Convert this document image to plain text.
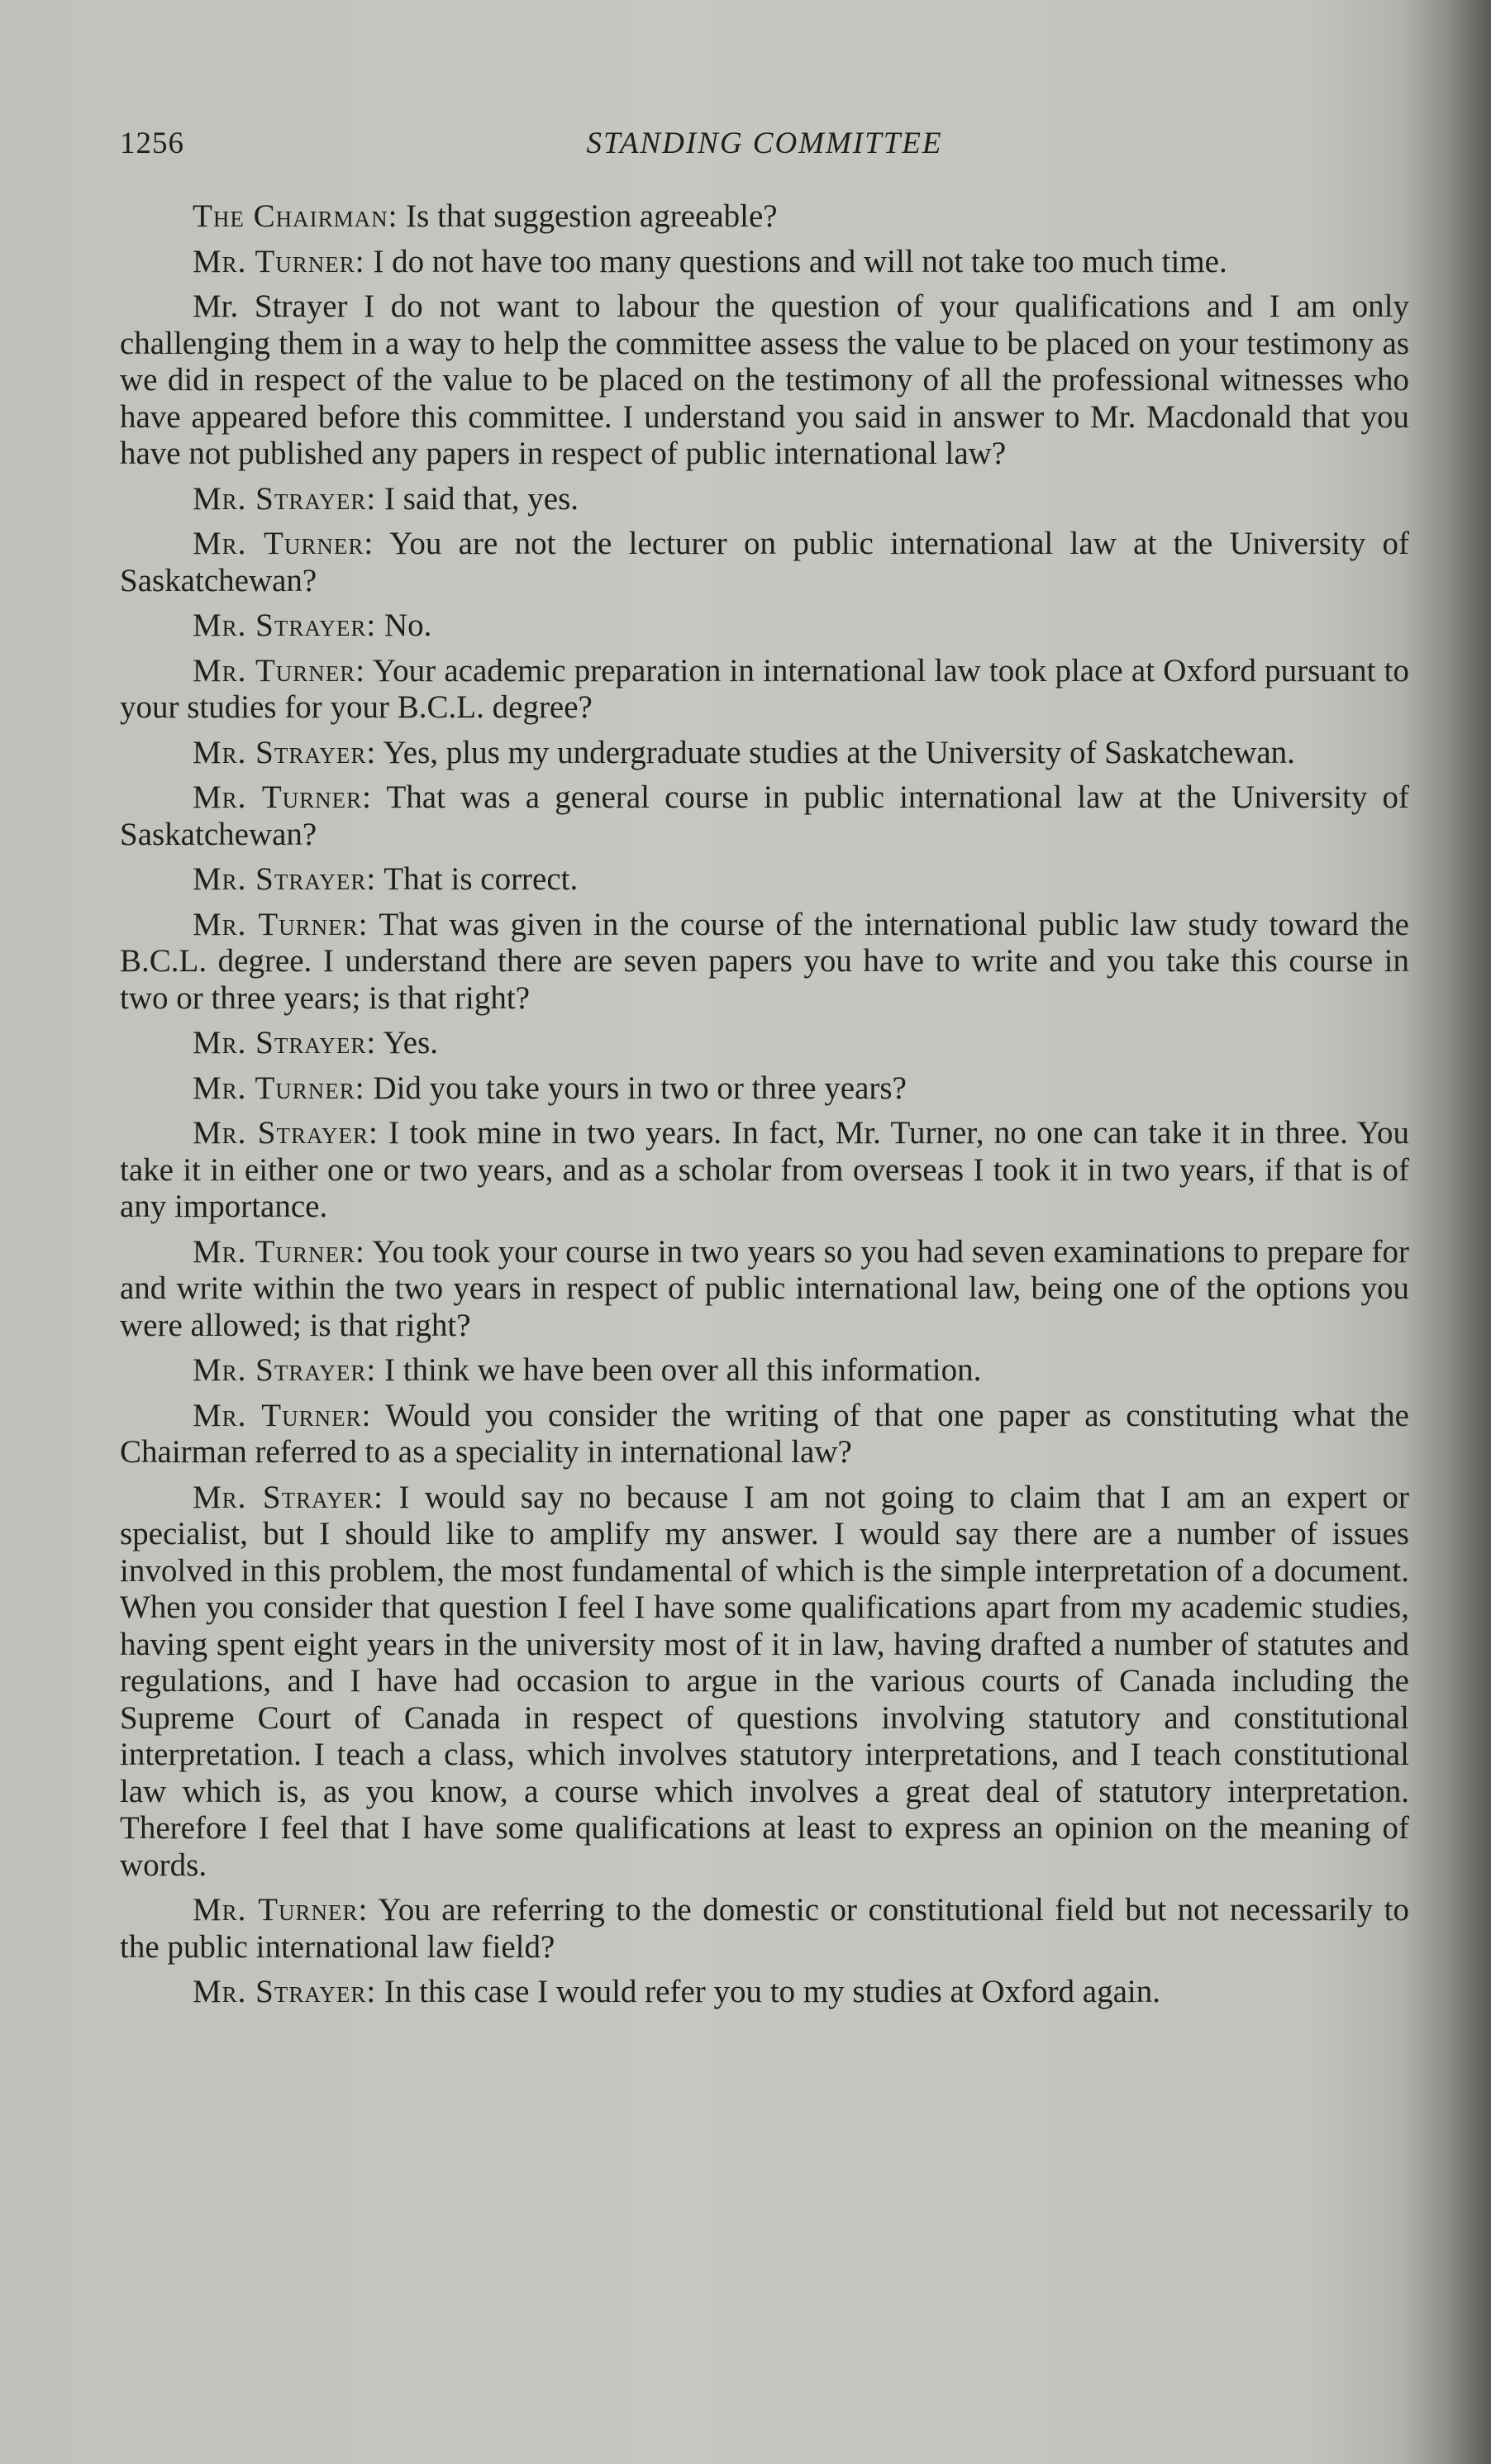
1256	STANDING COMMITTEE

The Chairman: Is that suggestion agreeable?

Mr. Turner: I do not have too many questions and will not take too much time.

Mr. Strayer I do not want to labour the question of your qualifications and I am only challenging them in a way to help the committee assess the value to be placed on your testimony as we did in respect of the value to be placed on the testimony of all the professional witnesses who have appeared before this committee. I understand you said in answer to Mr. Macdonald that you have not published any papers in respect of public international law?

Mr. Strayer: I said that, yes.

Mr. Turner: You are not the lecturer on public international law at the University of Saskatchewan?

Mr. Strayer: No.

Mr. Turner: Your academic preparation in international law took place at Oxford pursuant to your studies for your B.C.L. degree?

Mr. Strayer: Yes, plus my undergraduate studies at the University of Saskatchewan.

Mr. Turner: That was a general course in public international law at the University of Saskatchewan?

Mr. Strayer: That is correct.

Mr. Turner: That was given in the course of the international public law study toward the B.C.L. degree. I understand there are seven papers you have to write and you take this course in two or three years; is that right?

Mr. Strayer: Yes.

Mr. Turner: Did you take yours in two or three years?

Mr. Strayer: I took mine in two years. In fact, Mr. Turner, no one can take it in three. You take it in either one or two years, and as a scholar from overseas I took it in two years, if that is of any importance.

Mr. Turner: You took your course in two years so you had seven examinations to prepare for and write within the two years in respect of public international law, being one of the options you were allowed; is that right?

Mr. Strayer: I think we have been over all this information.

Mr. Turner: Would you consider the writing of that one paper as constituting what the Chairman referred to as a speciality in international law?

Mr. Strayer: I would say no because I am not going to claim that I am an expert or specialist, but I should like to amplify my answer. I would say there are a number of issues involved in this problem, the most fundamental of which is the simple interpretation of a document. When you consider that question I feel I have some qualifications apart from my academic studies, having spent eight years in the university most of it in law, having drafted a number of statutes and regulations, and I have had occasion to argue in the various courts of Canada including the Supreme Court of Canada in respect of questions involving statutory and constitutional interpretation. I teach a class, which involves statutory interpretations, and I teach constitutional law which is, as you know, a course which involves a great deal of statutory interpretation. Therefore I feel that I have some qualifications at least to express an opinion on the meaning of words.

Mr. Turner: You are referring to the domestic or constitutional field but not necessarily to the public international law field?

Mr. Strayer: In this case I would refer you to my studies at Oxford again.
